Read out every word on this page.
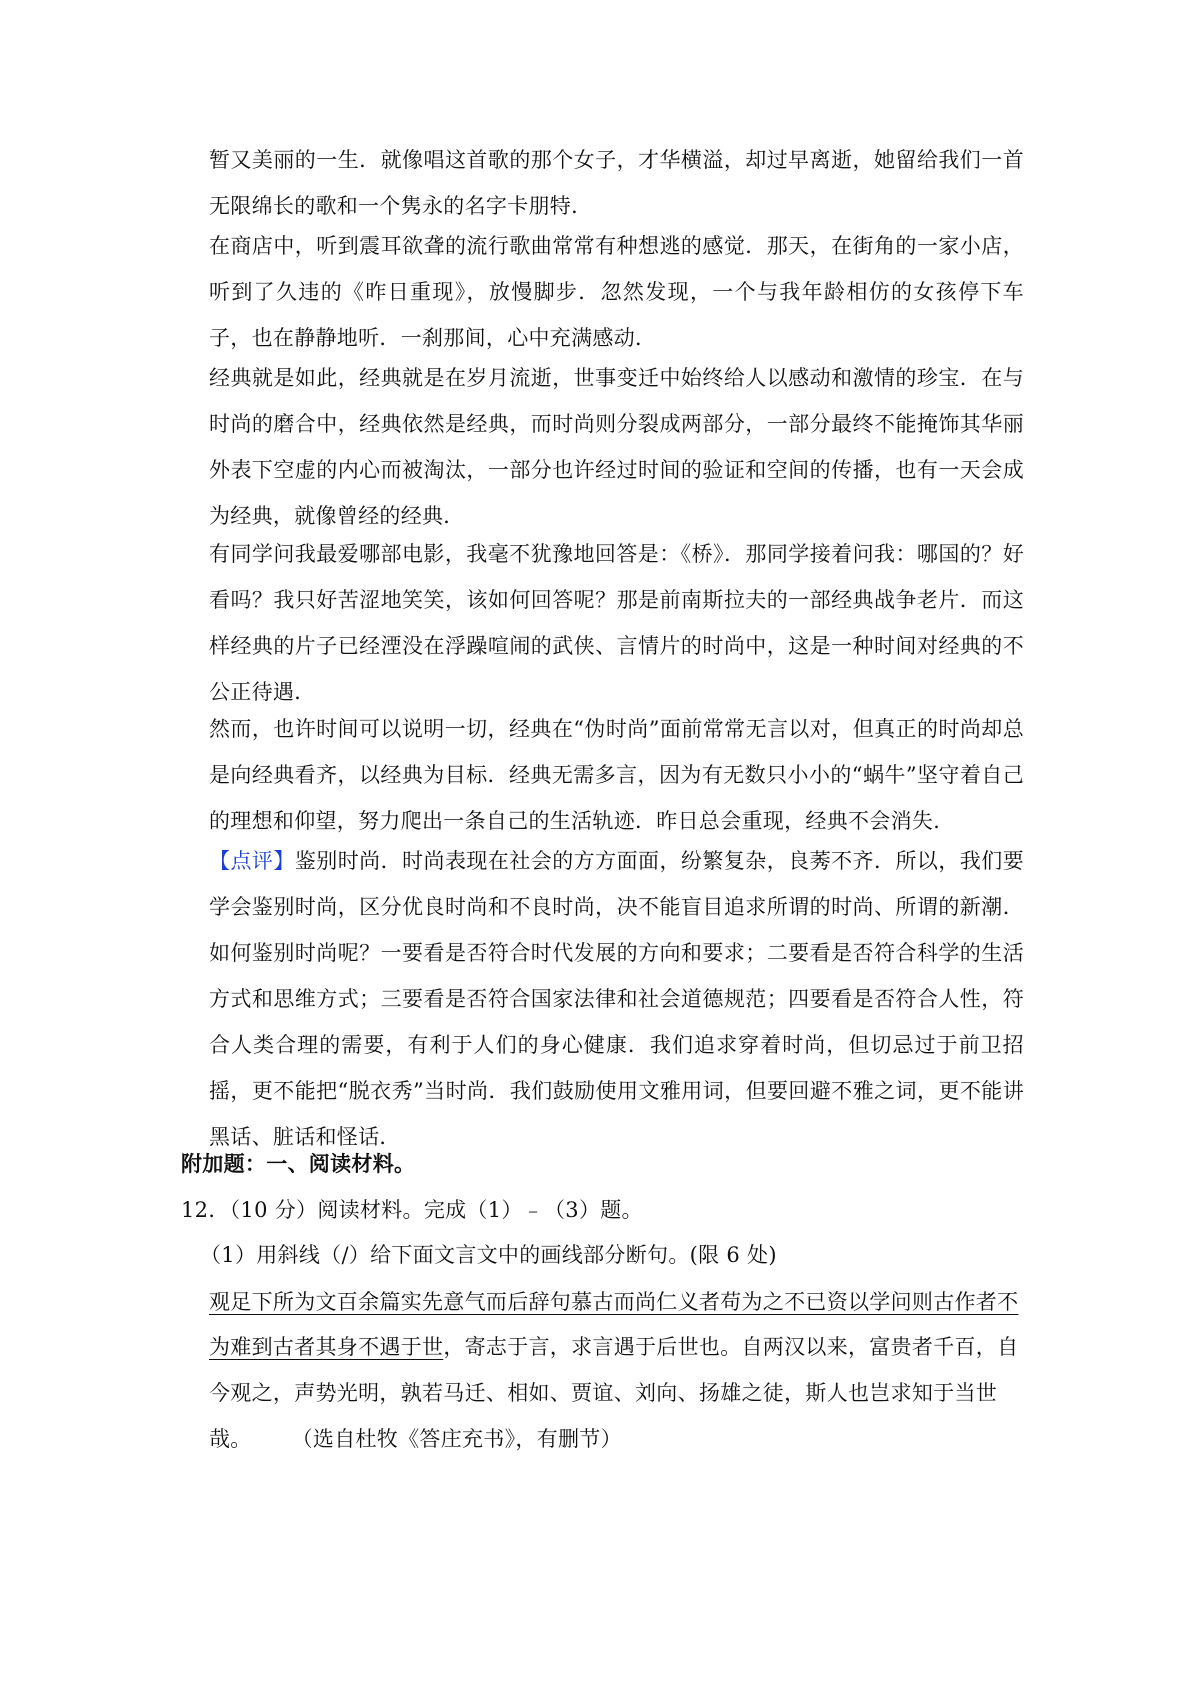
暂又美丽的一生．就像唱这首歌的那个女子，才华横溢，却过早离逝，她留给我们一首无限绵长的歌和一个隽永的名字卡朋特．

在商店中，听到震耳欲聋的流行歌曲常常有种想逃的感觉．那天，在街角的一家小店，听到了久违的《昨日重现》，放慢脚步．忽然发现，一个与我年龄相仿的女孩停下车子，也在静静地听．一刹那间，心中充满感动．

经典就是如此，经典就是在岁月流逝，世事变迁中始终给人以感动和激情的珍宝．在与时尚的磨合中，经典依然是经典，而时尚则分裂成两部分，一部分最终不能掩饰其华丽外表下空虚的内心而被淘汰，一部分也许经过时间的验证和空间的传播，也有一天会成为经典，就像曾经的经典．

有同学问我最爱哪部电影，我毫不犹豫地回答是：《桥》．那同学接着问我：哪国的？好看吗？我只好苦涩地笑笑，该如何回答呢？那是前南斯拉夫的一部经典战争老片．而这样经典的片子已经湮没在浮躁喧闹的武侠、言情片的时尚中，这是一种时间对经典的不公正待遇．

然而，也许时间可以说明一切，经典在“伪时尚”面前常常无言以对，但真正的时尚却总是向经典看齐，以经典为目标．经典无需多言，因为有无数只小小的“蜗牛”坚守着自己的理想和仰望，努力爬出一条自己的生活轨迹．昨日总会重现，经典不会消失．

【点评】鉴别时尚．时尚表现在社会的方方面面，纷繁复杂，良莠不齐．所以，我们要学会鉴别时尚，区分优良时尚和不良时尚，决不能盲目追求所谓的时尚、所谓的新潮．如何鉴别时尚呢？一要看是否符合时代发展的方向和要求；二要看是否符合科学的生活方式和思维方式；三要看是否符合国家法律和社会道德规范；四要看是否符合人性，符合人类合理的需要，有利于人们的身心健康．我们追求穿着时尚，但切忌过于前卫招摇，更不能把“脱衣秀”当时尚．我们鼓励使用文雅用词，但要回避不雅之词，更不能讲黑话、脏话和怪话．

附加题：一、阅读材料。

12．（10 分）阅读材料。完成（1）﹣（3）题。

（1）用斜线（/）给下面文言文中的画线部分断句。(限 6 处)

观足下所为文百余篇实先意气而后辞句慕古而尚仁义者苟为之不已资以学问则古作者不

为难到古者其身不遇于世，寄志于言，求言遇于后世也。自两汉以来，富贵者千百，自

今观之，声势光明，孰若马迁、相如、贾谊、刘向、扬雄之徒，斯人也岂求知于当世

哉。 （选自杜牧《答庄充书》，有删节）
